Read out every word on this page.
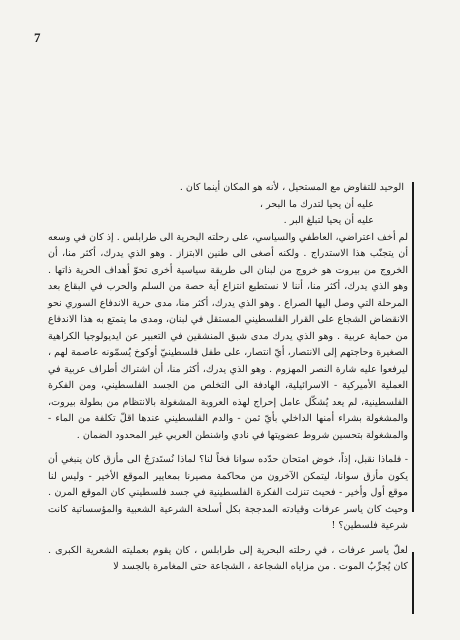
7

الوحيد للتفاوض مع المستحيل ، لأنه هو المكان أينما كان .

عليه أن يحيا لتدرك ما البحر ،

عليه أن يحيا لتبلغ البر .

لم أخف اعتراضي، العاطفي والسياسي، على رحلته البحرية الى طرابلس . إذ كان في وسعه أن يتجنّب هذا الاستدراج . ولكنه أصغى الى طنين الابتزاز . وهو الذي يدرك، أكثر منا، أن الخروج من بيروت هو خروج من لبنان الى طريقة سياسية أخرى تحوّ أهداف الحرية ذاتها . وهو الذي يدرك، أكثر منا، أننا لا نستطيع انتزاع أية حصة من السلم والحرب في البقاع بعد المرحلة التي وصل اليها الصراع . وهو الذي يدرك، أكثر منا، مدى حرية الاندفاع السوري نحو الانقضاض الشجاع على القرار الفلسطيني المستقل في لبنان، ومدى ما يتمتع به هذا الاندفاع من حماية عربية . وهو الذي يدرك مدى شبق المنشقين في التعبير عن ايديولوجيا الكراهية الصغيرة وحاجتهم إلى الانتصار، أيّ انتصار، على طفل فلسطينيّ أوكوخ يُسمّونه عاصمة لهم ، ليرفعوا عليه شارة النصر المهزوم . وهو الذي يدرك، أكثر منا، أن اشتراك أطراف عربية في العملية الأميركية - الاسرائيلية، الهادفة الى التخلص من الجسد الفلسطيني، ومن الفكرة الفلسطينية، لم يعد يُشكّل عامل إحراج لهذه العروبة المشغولة بالانتظام من بطولة بيروت، والمشغولة بشراء أمنها الداخلي بأيّ ثمن - والدم الفلسطيني عندها اقلّ تكلفة من الماء - والمشغولة بتحسين شروط عضويتها في نادي واشنطن العربي غير المحدود الضمان .

- فلماذا نقبل، إذاً، خوض امتحان حدّده سوانا فخاً لنا؟ لماذا نُستَدرَجُ الى مأزق كان ينبغي أن يكون مأزق سوانا، ليتمكن الآخرون من محاكمة مصيرنا بمعايير الموقع الأخير - وليس لنا موقع أول وأخير - فحيث تنزلت الفكرة الفلسطينية في جسد فلسطيني كان الموقع المرن . وحيث كان ياسر عرفات وقيادته المدججة بكل أسلحة الشرعية الشعبية والمؤسساتية كانت شرعية فلسطين؟ !

لعلّ ياسر عرفات ، في رحلته البحرية إلى طرابلس ، كان يقوم بعمليته الشعرية الكبرى . كان يُجرِّبُ الموت . من مزاياه الشجاعة ، الشجاعة حتى المغامرة بالجسد لا
